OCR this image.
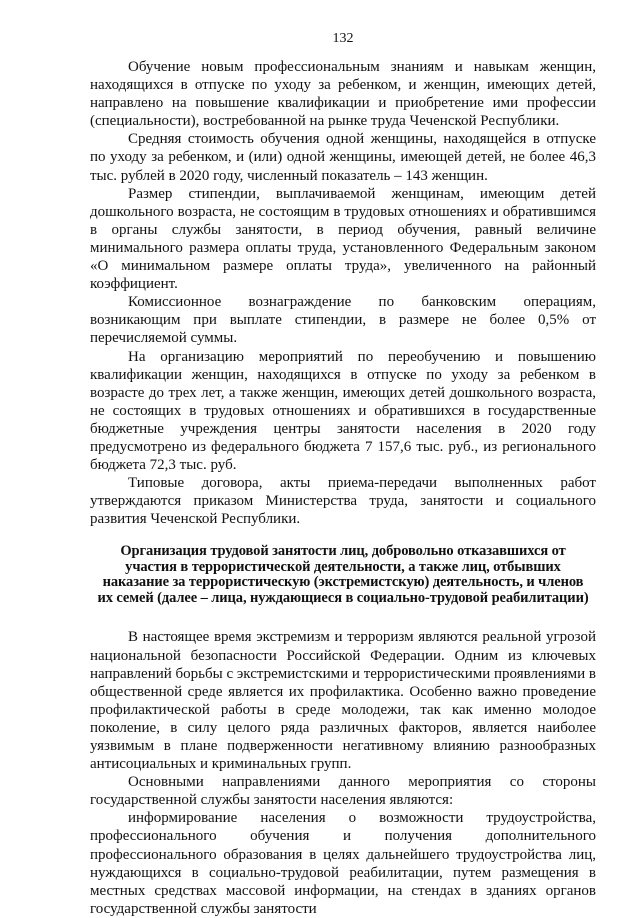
132

Обучение новым профессиональным знаниям и навыкам женщин, находящихся в отпуске по уходу за ребенком, и женщин, имеющих детей, направлено на повышение квалификации и приобретение ими профессии (специальности), востребованной на рынке труда Чеченской Республики.

Средняя стоимость обучения одной женщины, находящейся в отпуске по уходу за ребенком, и (или) одной женщины, имеющей детей, не более 46,3 тыс. рублей в 2020 году, численный показатель – 143 женщин.

Размер стипендии, выплачиваемой женщинам, имеющим детей дошкольного возраста, не состоящим в трудовых отношениях и обратившимся в органы службы занятости, в период обучения, равный величине минимального размера оплаты труда, установленного Федеральным законом «О минимальном размере оплаты труда», увеличенного на районный коэффициент.

Комиссионное вознаграждение по банковским операциям, возникающим при выплате стипендии, в размере не более 0,5% от перечисляемой суммы.

На организацию мероприятий по переобучению и повышению квалификации женщин, находящихся в отпуске по уходу за ребенком в возрасте до трех лет, а также женщин, имеющих детей дошкольного возраста, не состоящих в трудовых отношениях и обратившихся в государственные бюджетные учреждения центры занятости населения в 2020 году предусмотрено из федерального бюджета 7 157,6 тыс. руб., из регионального бюджета 72,3 тыс. руб.

Типовые договора, акты приема-передачи выполненных работ утверждаются приказом Министерства труда, занятости и социального развития Чеченской Республики.

Организация трудовой занятости лиц, добровольно отказавшихся от участия в террористической деятельности, а также лиц, отбывших наказание за террористическую (экстремистскую) деятельность, и членов их семей (далее – лица, нуждающиеся в социально-трудовой реабилитации)

В настоящее время экстремизм и терроризм являются реальной угрозой национальной безопасности Российской Федерации. Одним из ключевых направлений борьбы с экстремистскими и террористическими проявлениями в общественной среде является их профилактика. Особенно важно проведение профилактической работы в среде молодежи, так как именно молодое поколение, в силу целого ряда различных факторов, является наиболее уязвимым в плане подверженности негативному влиянию разнообразных антисоциальных и криминальных групп.

Основными направлениями данного мероприятия со стороны государственной службы занятости населения являются:

информирование населения о возможности трудоустройства, профессионального обучения и получения дополнительного профессионального образования в целях дальнейшего трудоустройства лиц, нуждающихся в социально-трудовой реабилитации, путем размещения в местных средствах массовой информации, на стендах в зданиях органов государственной службы занятости
